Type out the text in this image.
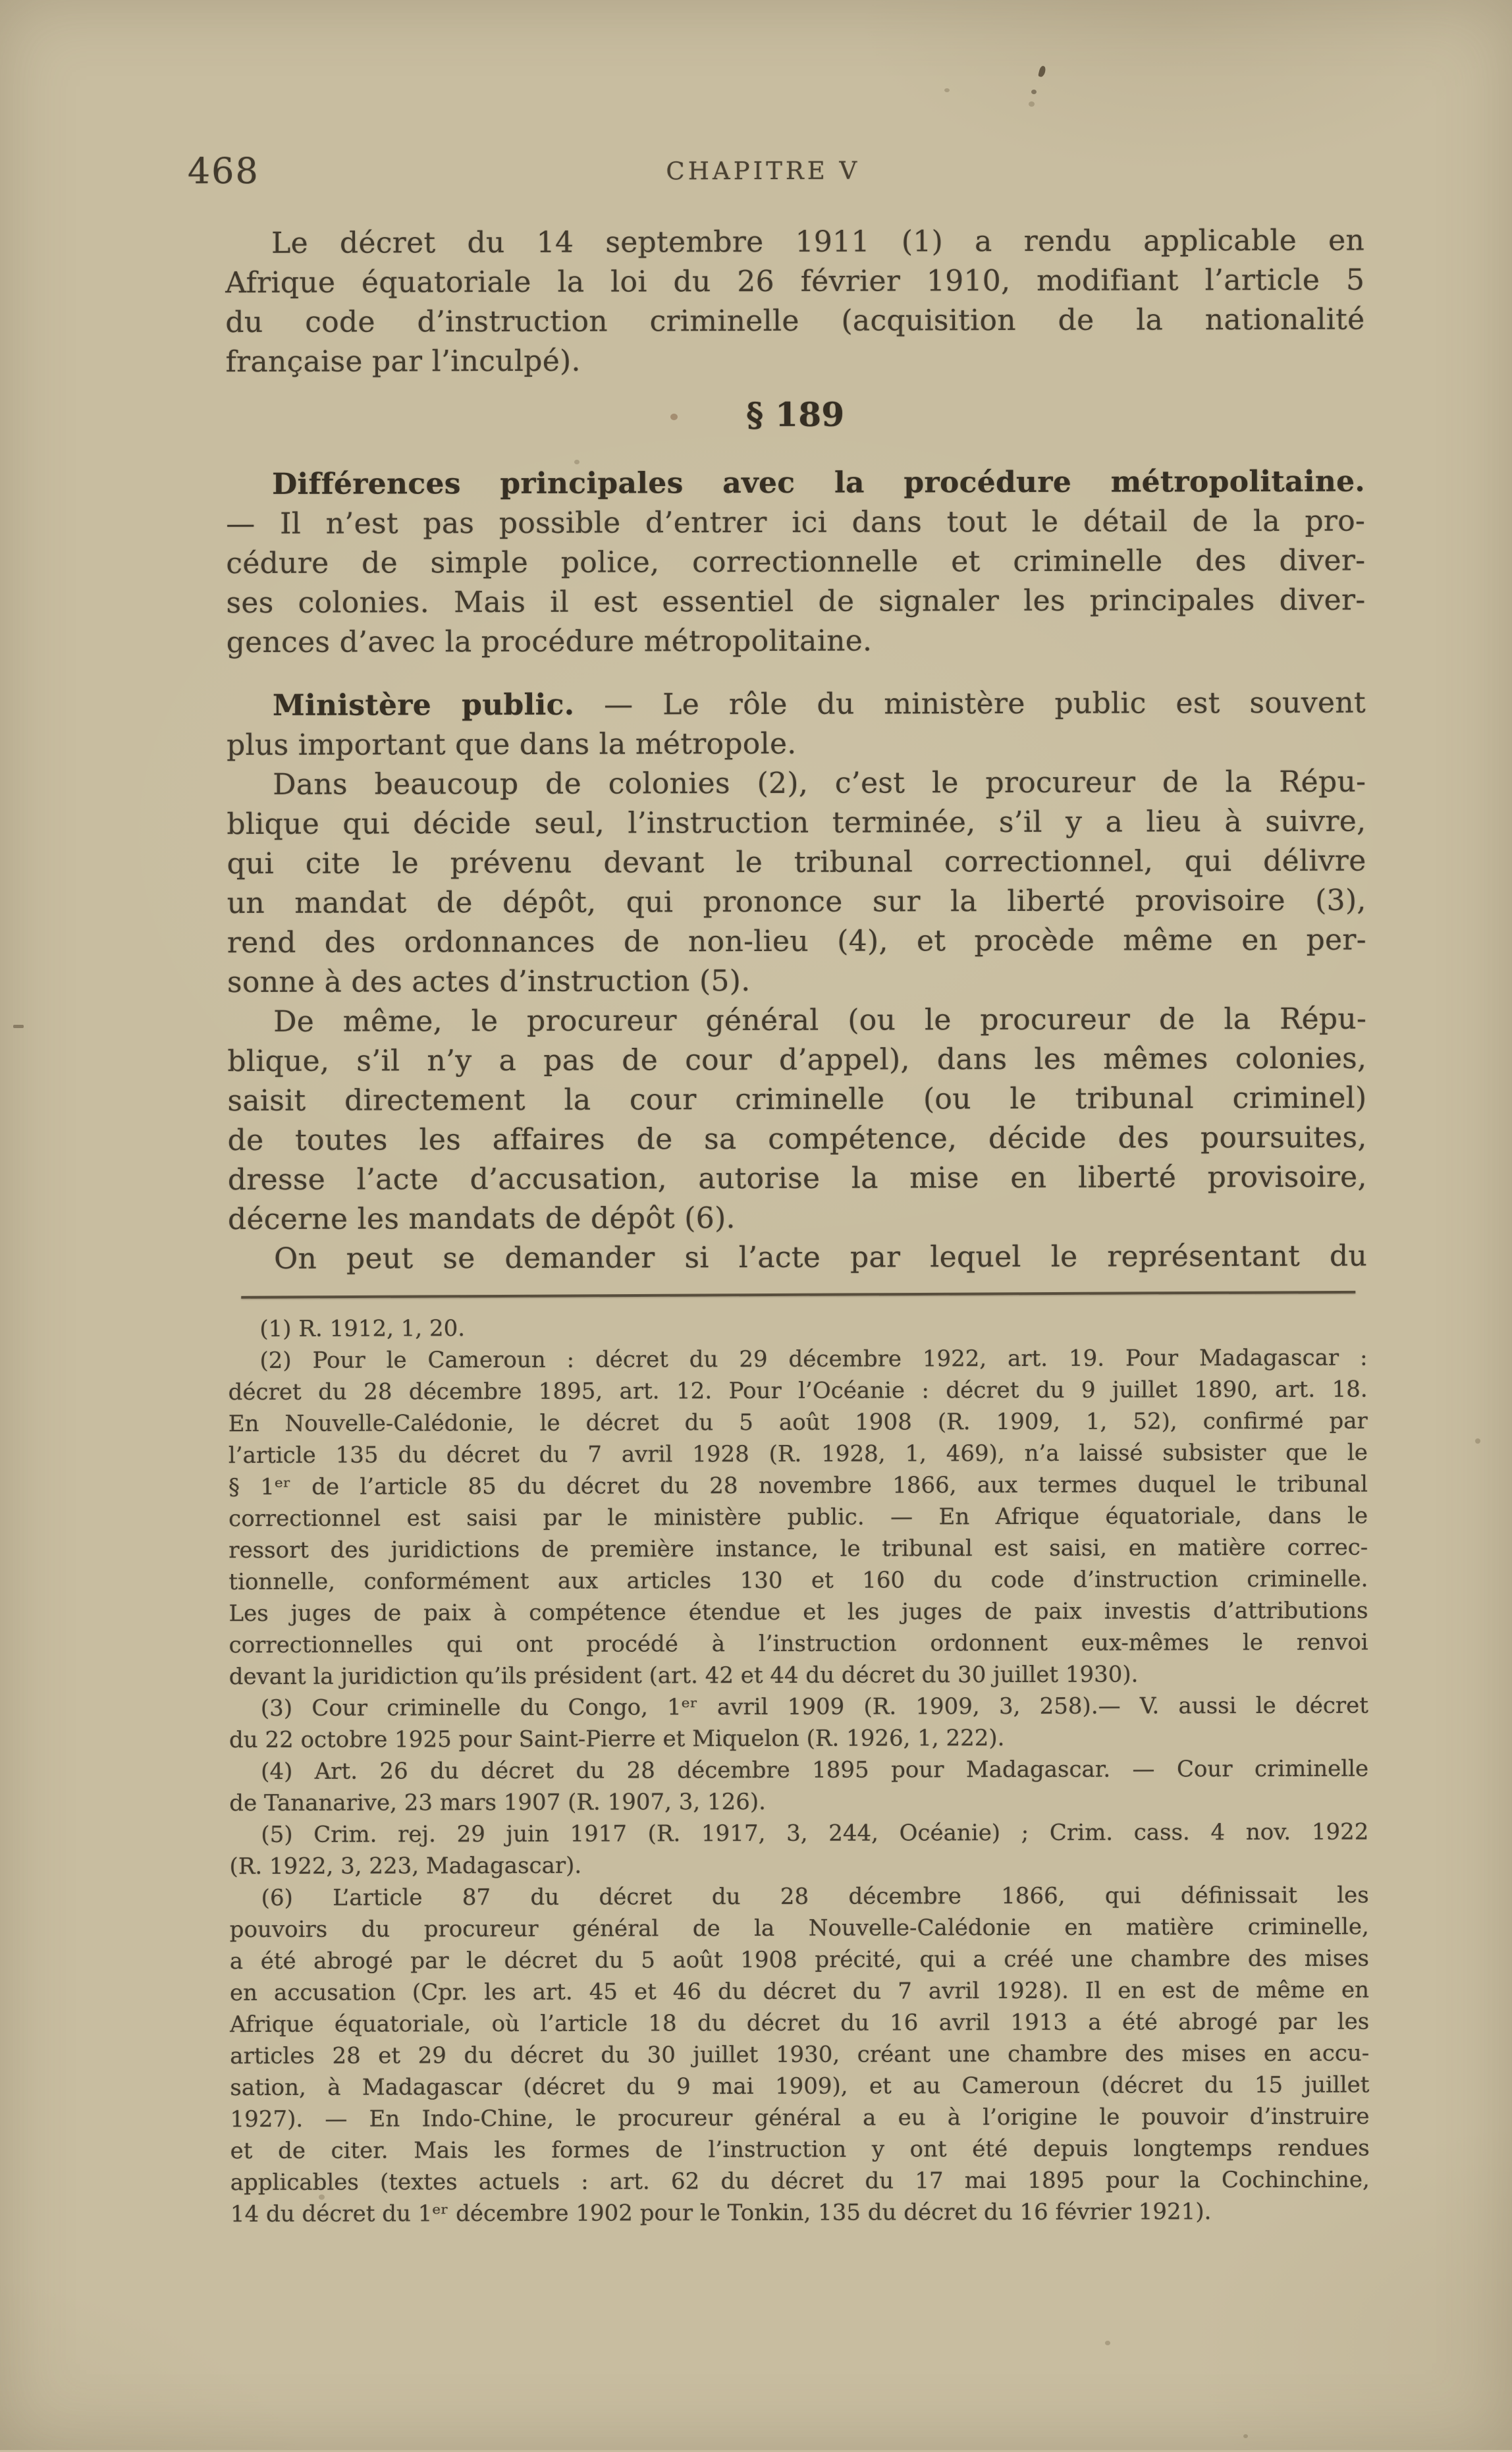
468	CHAPITRE V
Le décret du 14 septembre 1911 (1) a rendu applicable en
Afrique équatoriale la loi du 26 février 1910, modifiant l’article 5
du code d’instruction criminelle (acquisition de la nationalité
française par l’inculpé).
§ 189
Différences principales avec la procédure métropolitaine.
— Il n’est pas possible d’entrer ici dans tout le détail de la pro-
cédure de simple police, correctionnelle et criminelle des diver-
ses colonies. Mais il est essentiel de signaler les principales diver-
gences d’avec la procédure métropolitaine.
Ministère public. — Le rôle du ministère public est souvent
plus important que dans la métropole.
Dans beaucoup de colonies (2), c’est le procureur de la Répu-
blique qui décide seul, l’instruction terminée, s’il y a lieu à suivre,
qui cite le prévenu devant le tribunal correctionnel, qui délivre
un mandat de dépôt, qui prononce sur la liberté provisoire (3),
rend des ordonnances de non-lieu (4), et procède même en per-
sonne à des actes d’instruction (5).
De même, le procureur général (ou le procureur de la Répu-
blique, s’il n’y a pas de cour d’appel), dans les mêmes colonies,
saisit directement la cour criminelle (ou le tribunal criminel)
de toutes les affaires de sa compétence, décide des poursuites,
dresse l’acte d’accusation, autorise la mise en liberté provisoire,
décerne les mandats de dépôt (6).
On peut se demander si l’acte par lequel le représentant du
(1) R. 1912, 1, 20.
(2) Pour le Cameroun : décret du 29 décembre 1922, art. 19. Pour Madagascar :
décret du 28 décembre 1895, art. 12. Pour l’Océanie : décret du 9 juillet 1890, art. 18.
En Nouvelle-Calédonie, le décret du 5 août 1908 (R. 1909, 1, 52), confirmé par
l’article 135 du décret du 7 avril 1928 (R. 1928, 1, 469), n’a laissé subsister que le
§ 1ᵉʳ de l’article 85 du décret du 28 novembre 1866, aux termes duquel le tribunal
correctionnel est saisi par le ministère public. — En Afrique équatoriale, dans le
ressort des juridictions de première instance, le tribunal est saisi, en matière correc-
tionnelle, conformément aux articles 130 et 160 du code d’instruction criminelle.
Les juges de paix à compétence étendue et les juges de paix investis d’attributions
correctionnelles qui ont procédé à l’instruction ordonnent eux-mêmes le renvoi
devant la juridiction qu’ils président (art. 42 et 44 du décret du 30 juillet 1930).
(3) Cour criminelle du Congo, 1ᵉʳ avril 1909 (R. 1909, 3, 258).— V. aussi le décret
du 22 octobre 1925 pour Saint-Pierre et Miquelon (R. 1926, 1, 222).
(4) Art. 26 du décret du 28 décembre 1895 pour Madagascar. — Cour criminelle
de Tananarive, 23 mars 1907 (R. 1907, 3, 126).
(5) Crim. rej. 29 juin 1917 (R. 1917, 3, 244, Océanie) ; Crim. cass. 4 nov. 1922
(R. 1922, 3, 223, Madagascar).
(6) L’article 87 du décret du 28 décembre 1866, qui définissait les
pouvoirs du procureur général de la Nouvelle-Calédonie en matière criminelle,
a été abrogé par le décret du 5 août 1908 précité, qui a créé une chambre des mises
en accusation (Cpr. les art. 45 et 46 du décret du 7 avril 1928). Il en est de même en
Afrique équatoriale, où l’article 18 du décret du 16 avril 1913 a été abrogé par les
articles 28 et 29 du décret du 30 juillet 1930, créant une chambre des mises en accu-
sation, à Madagascar (décret du 9 mai 1909), et au Cameroun (décret du 15 juillet
1927). — En Indo-Chine, le procureur général a eu à l’origine le pouvoir d’instruire
et de citer. Mais les formes de l’instruction y ont été depuis longtemps rendues
applicables (textes actuels : art. 62 du décret du 17 mai 1895 pour la Cochinchine,
14 du décret du 1ᵉʳ décembre 1902 pour le Tonkin, 135 du décret du 16 février 1921).
